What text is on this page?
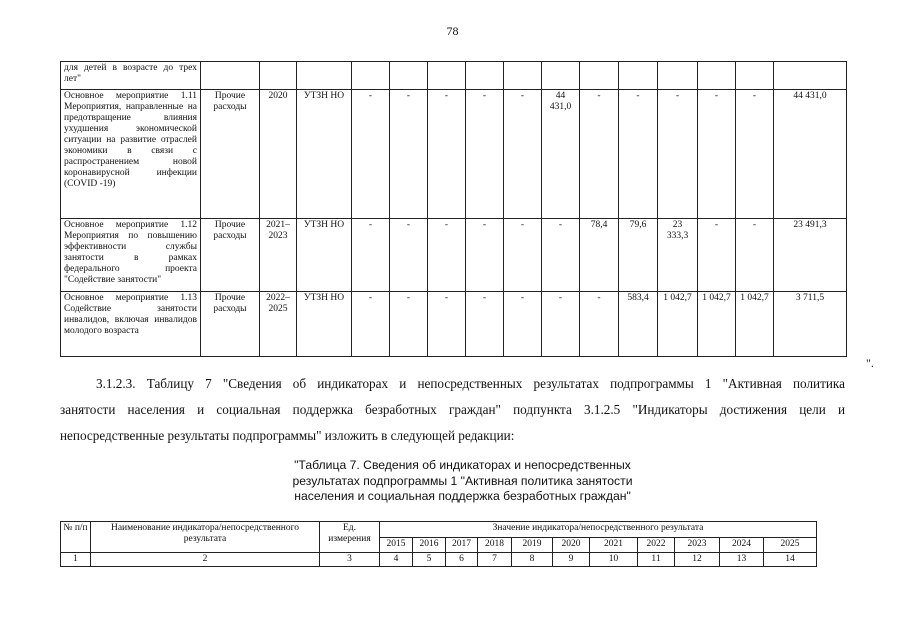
78
для детей в возрасте до трех лет"															
Основное мероприятие 1.11 Мероприятия, направленные на предотвращение влияния ухудшения экономической ситуации на развитие отраслей экономики в связи с распространением новой коронавирусной инфекции (COVID -19)	Прочие расходы	2020	УТЗН НО	-	-	-	-	-	44 431,0	-	-	-	-	-	44 431,0
Основное мероприятие 1.12 Мероприятия по повышению эффективности службы занятости в рамках федерального проекта "Содействие занятости"	Прочие расходы	2021–2023	УТЗН НО	-	-	-	-	-	-	78,4	79,6	23 333,3	-	-	23 491,3
Основное мероприятие 1.13 Содействие занятости инвалидов, включая инвалидов молодого возраста	Прочие расходы	2022–2025	УТЗН НО	-	-	-	-	-	-	-	583,4	1 042,7	1 042,7	1 042,7	3 711,5
".
3.1.2.3. Таблицу 7 "Сведения об индикаторах и непосредственных результатах подпрограммы 1 "Активная политика
занятости населения и социальная поддержка безработных граждан" подпункта 3.1.2.5 "Индикаторы достижения цели и
непосредственные результаты подпрограммы" изложить в следующей редакции:
"Таблица 7. Сведения об индикаторах и непосредственных
результатах подпрограммы 1 "Активная политика занятости
населения и социальная поддержка безработных граждан"
№ п/п	Наименование индикатора/непосредственного результата	Ед. измерения	Значение индикатора/непосредственного результата										
			2015	2016	2017	2018	2019	2020	2021	2022	2023	2024	2025
1	2	3	4	5	6	7	8	9	10	11	12	13	14
